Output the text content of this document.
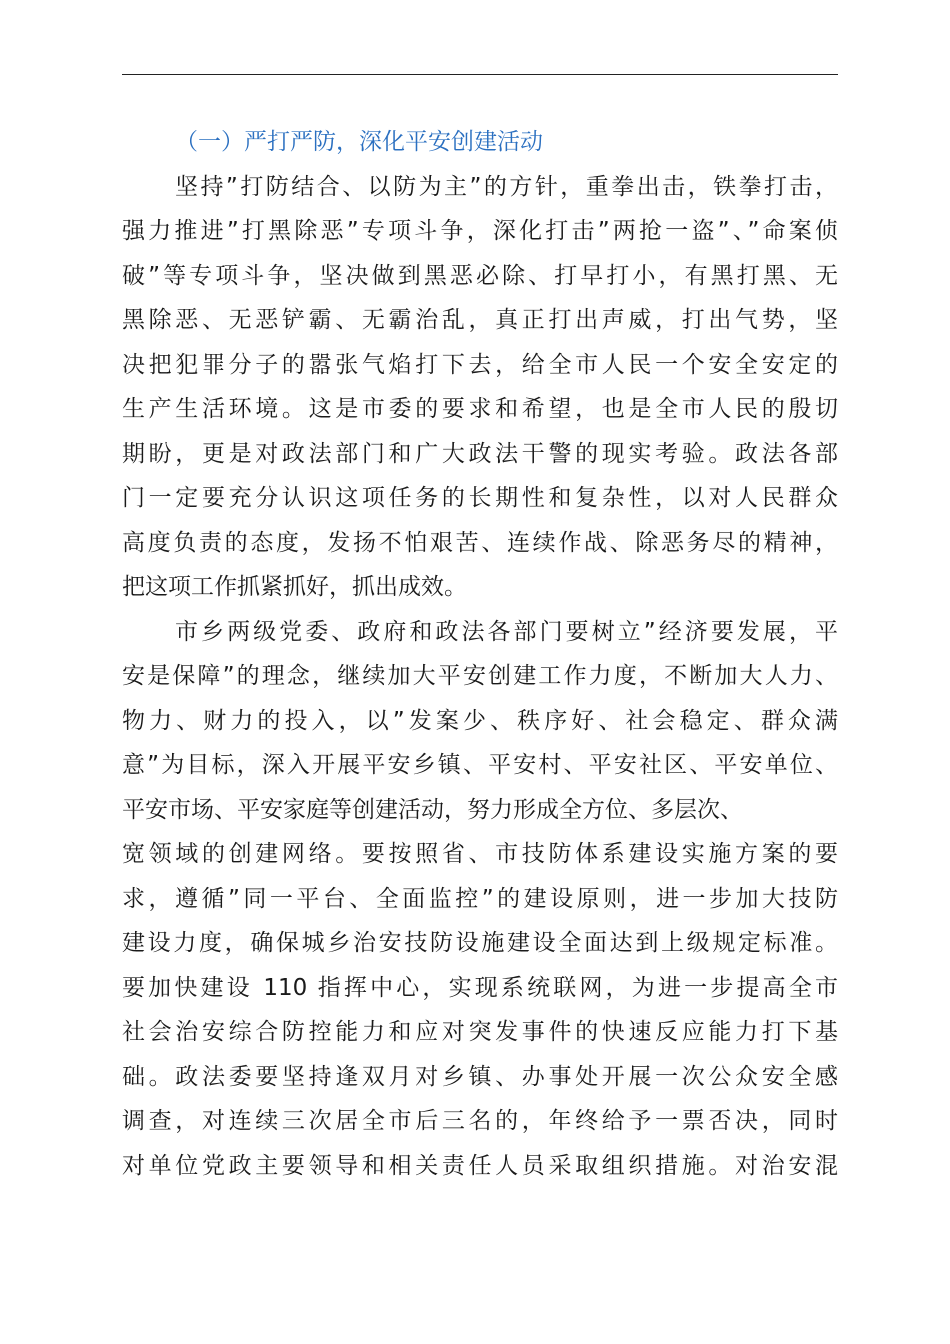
（一）严打严防，深化平安创建活动
坚持”打防结合、以防为主”的方针，重拳出击，铁拳打击，
强力推进”打黑除恶”专项斗争，深化打击”两抢一盗”、”命案侦
破”等专项斗争，坚决做到黑恶必除、打早打小，有黑打黑、无
黑除恶、无恶铲霸、无霸治乱，真正打出声威，打出气势，坚
决把犯罪分子的嚣张气焰打下去，给全市人民一个安全安定的
生产生活环境。这是市委的要求和希望，也是全市人民的殷切
期盼，更是对政法部门和广大政法干警的现实考验。政法各部
门一定要充分认识这项任务的长期性和复杂性，以对人民群众
高度负责的态度，发扬不怕艰苦、连续作战、除恶务尽的精神，
把这项工作抓紧抓好，抓出成效。
市乡两级党委、政府和政法各部门要树立”经济要发展，平
安是保障”的理念，继续加大平安创建工作力度，不断加大人力、
物力、财力的投入，以”发案少、秩序好、社会稳定、群众满
意”为目标，深入开展平安乡镇、平安村、平安社区、平安单位、
平安市场、平安家庭等创建活动，努力形成全方位、多层次、
宽领域的创建网络。要按照省、市技防体系建设实施方案的要
求，遵循”同一平台、全面监控”的建设原则，进一步加大技防
建设力度，确保城乡治安技防设施建设全面达到上级规定标准。
要加快建设 110 指挥中心，实现系统联网，为进一步提高全市
社会治安综合防控能力和应对突发事件的快速反应能力打下基
础。政法委要坚持逢双月对乡镇、办事处开展一次公众安全感
调查，对连续三次居全市后三名的，年终给予一票否决，同时
对单位党政主要领导和相关责任人员采取组织措施。对治安混
